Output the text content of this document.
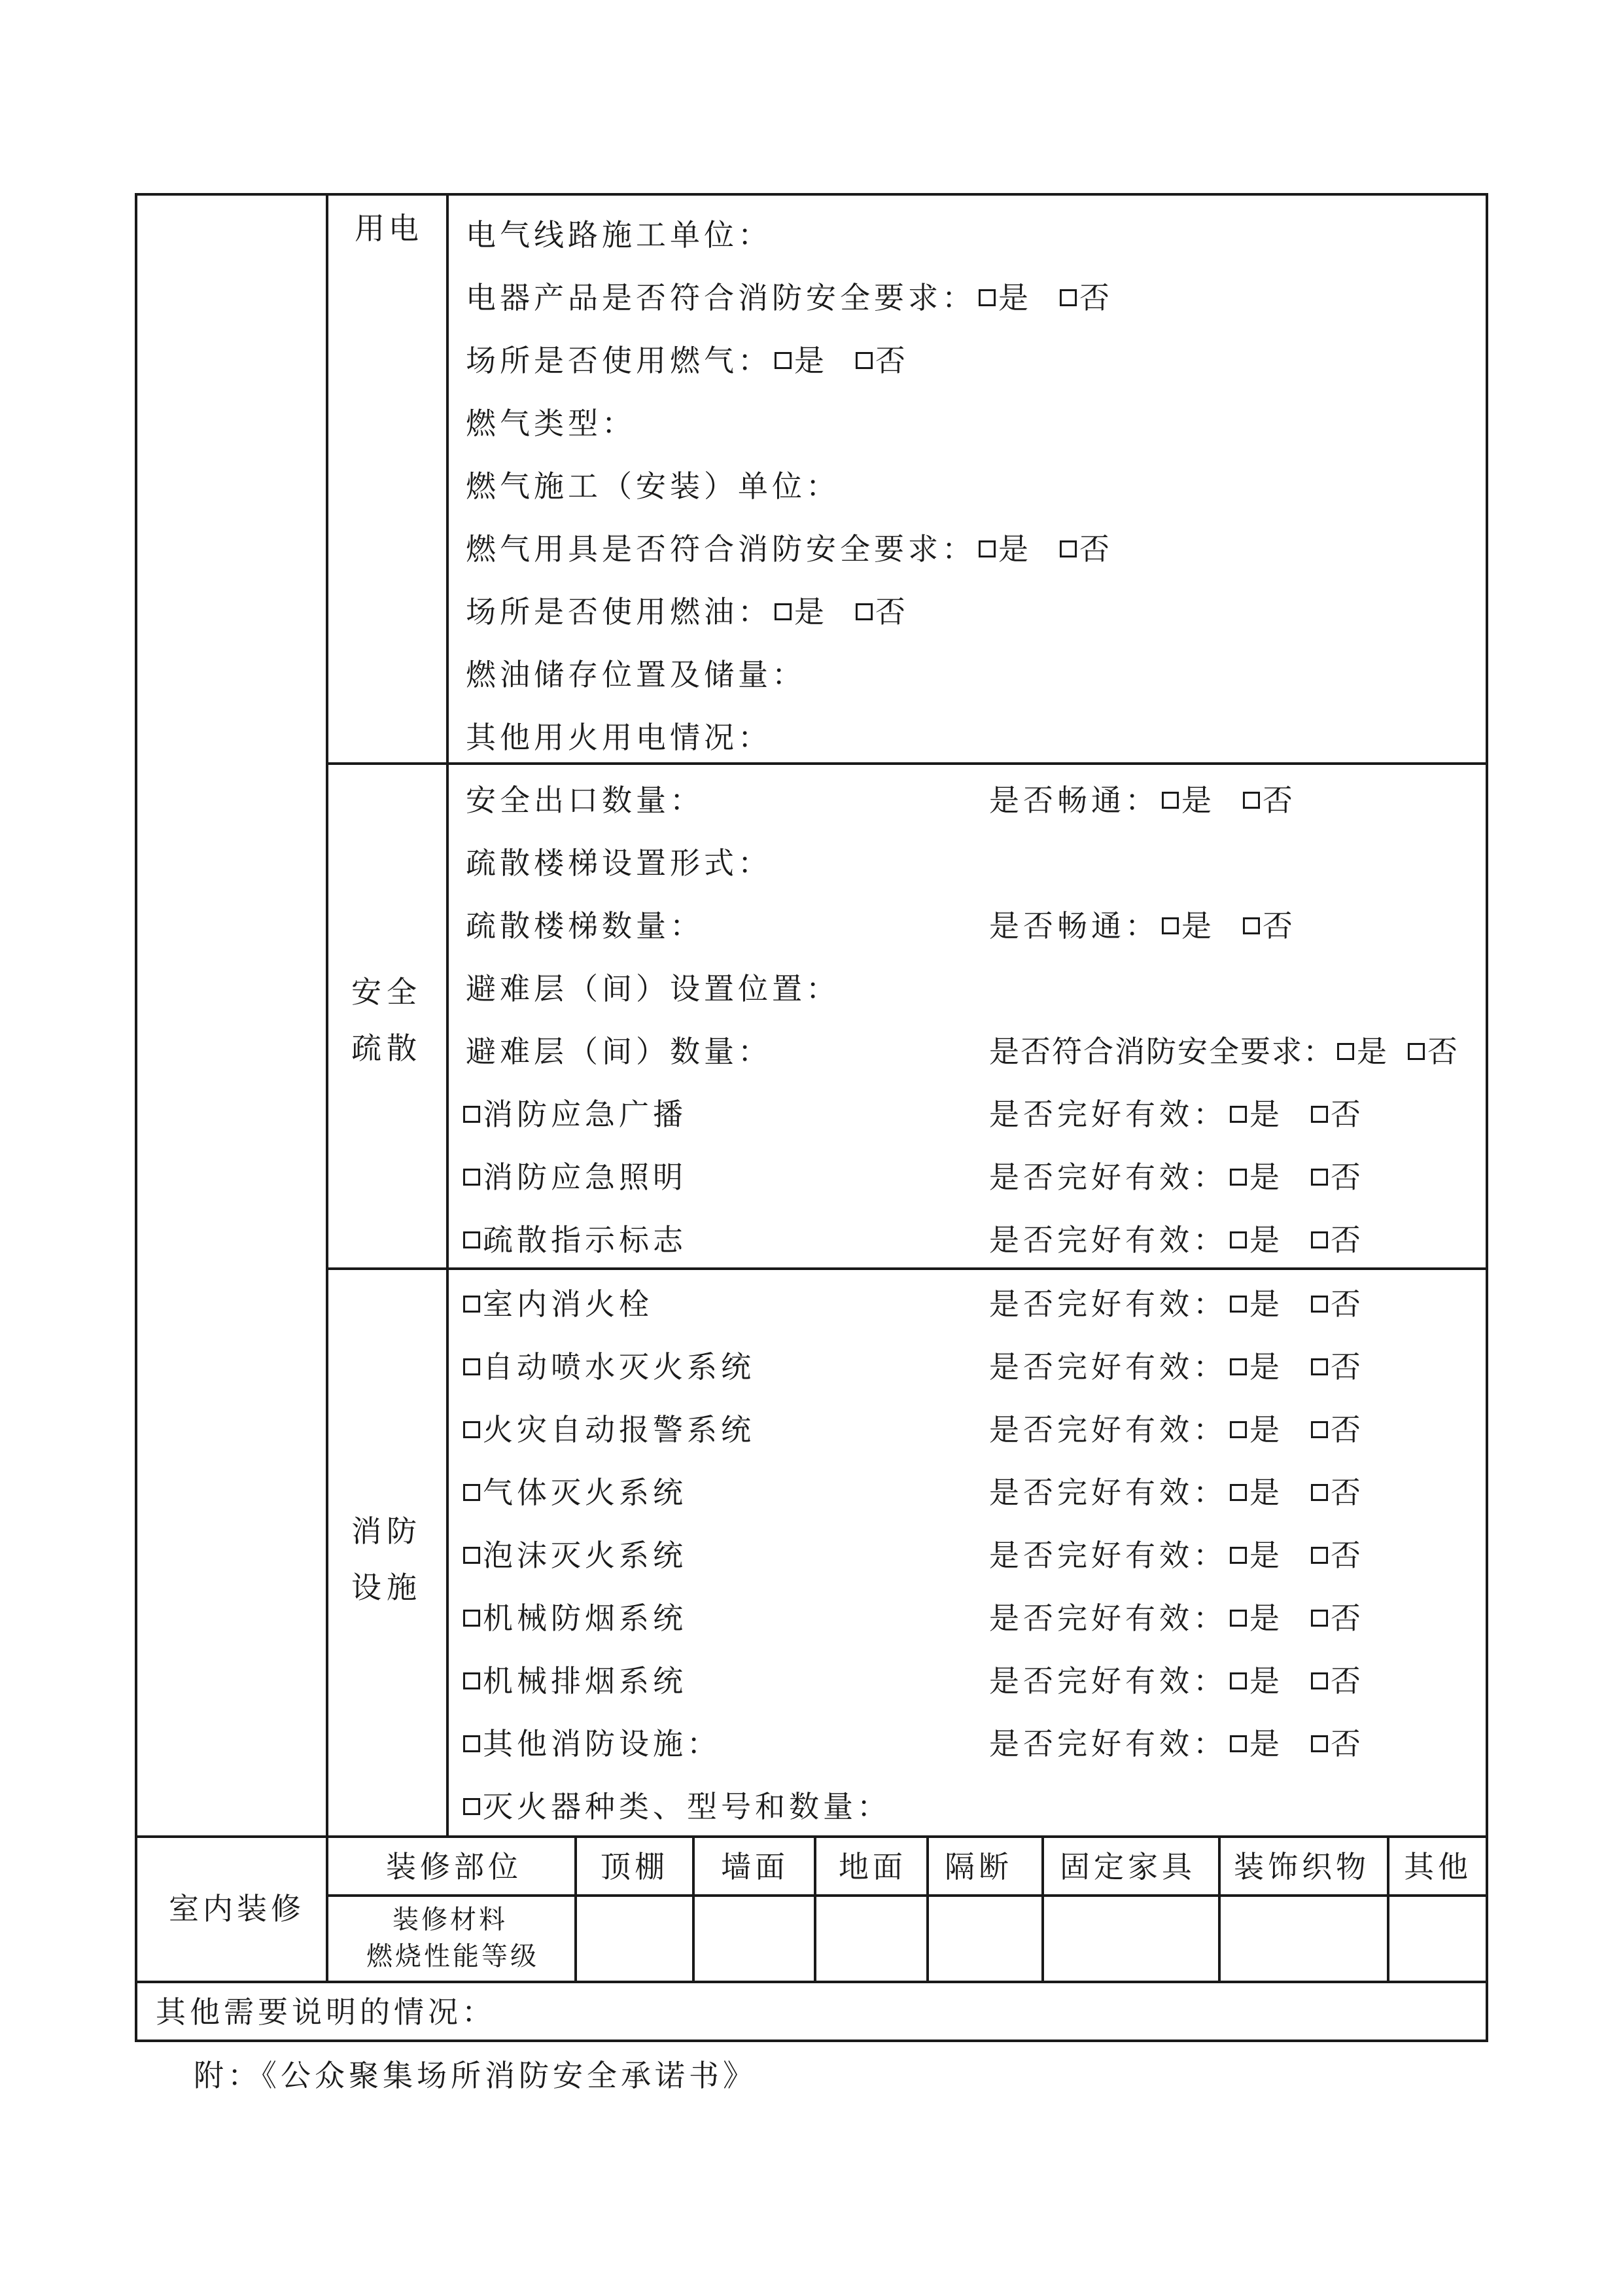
用电 电气线路施工单位：
电器产品是否符合消防安全要求： 是 否
场所是否使用燃气： 是 否
燃气类型：
燃气施工（安装）单位：
燃气用具是否符合消防安全要求： 是 否
场所是否使用燃油： 是 否
燃油储存位置及储量：
其他用火用电情况：
安全
疏散
安全出口数量：	是否畅通： 是 否
疏散楼梯设置形式：
疏散楼梯数量：	是否畅通： 是 否
避难层（间）设置位置：
避难层（间）数量：	是否符合消防安全要求： 是 否
消防应急广播	是否完好有效： 是 否
消防应急照明	是否完好有效： 是 否
疏散指示标志	是否完好有效： 是 否
消防
设施
室内消火栓	是否完好有效： 是 否
自动喷水灭火系统	是否完好有效： 是 否
火灾自动报警系统	是否完好有效： 是 否
气体灭火系统	是否完好有效： 是 否
泡沫灭火系统	是否完好有效： 是 否
机械防烟系统	是否完好有效： 是 否
机械排烟系统	是否完好有效： 是 否
其他消防设施：	是否完好有效： 是 否
灭火器种类、型号和数量：
室内装修
装修部位	顶棚 墙面 地面 隔断 固定家具 装饰织物 其他
装修材料
燃烧性能等级
其他需要说明的情况：
附：《公众聚集场所消防安全承诺书》
